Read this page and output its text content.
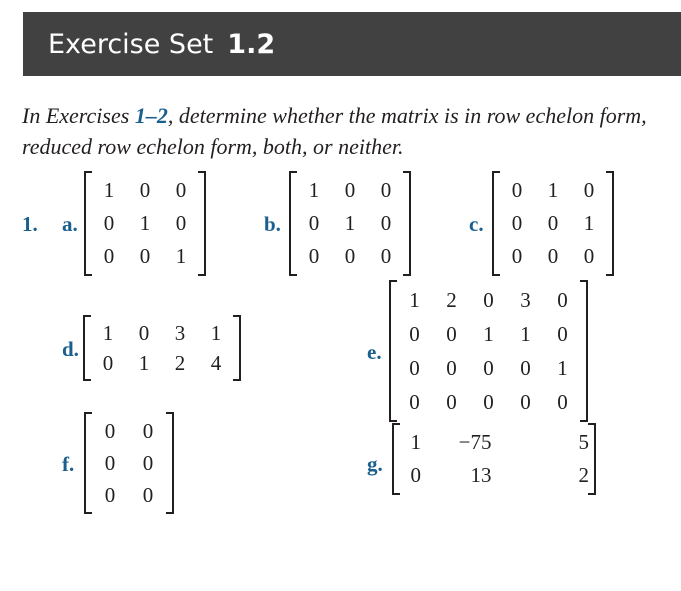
Exercise Set 1.2
In Exercises 1–2, determine whether the matrix is in row echelon form, reduced row echelon form, both, or neither.
1. a.
1	0	0
0	1	0
0	0	1
b.
1	0	0
0	1	0
0	0	0
c.
0	1	0
0	0	1
0	0	0
d.
1	0	3	1
0	1	2	4	e.
1	2	0	3	0
0	0	1	1	0
0	0	0	0	1
0	0	0	0	0
f.
0	0
0	0
0	0
g.
1	−7 5	5
0	1 3	2
